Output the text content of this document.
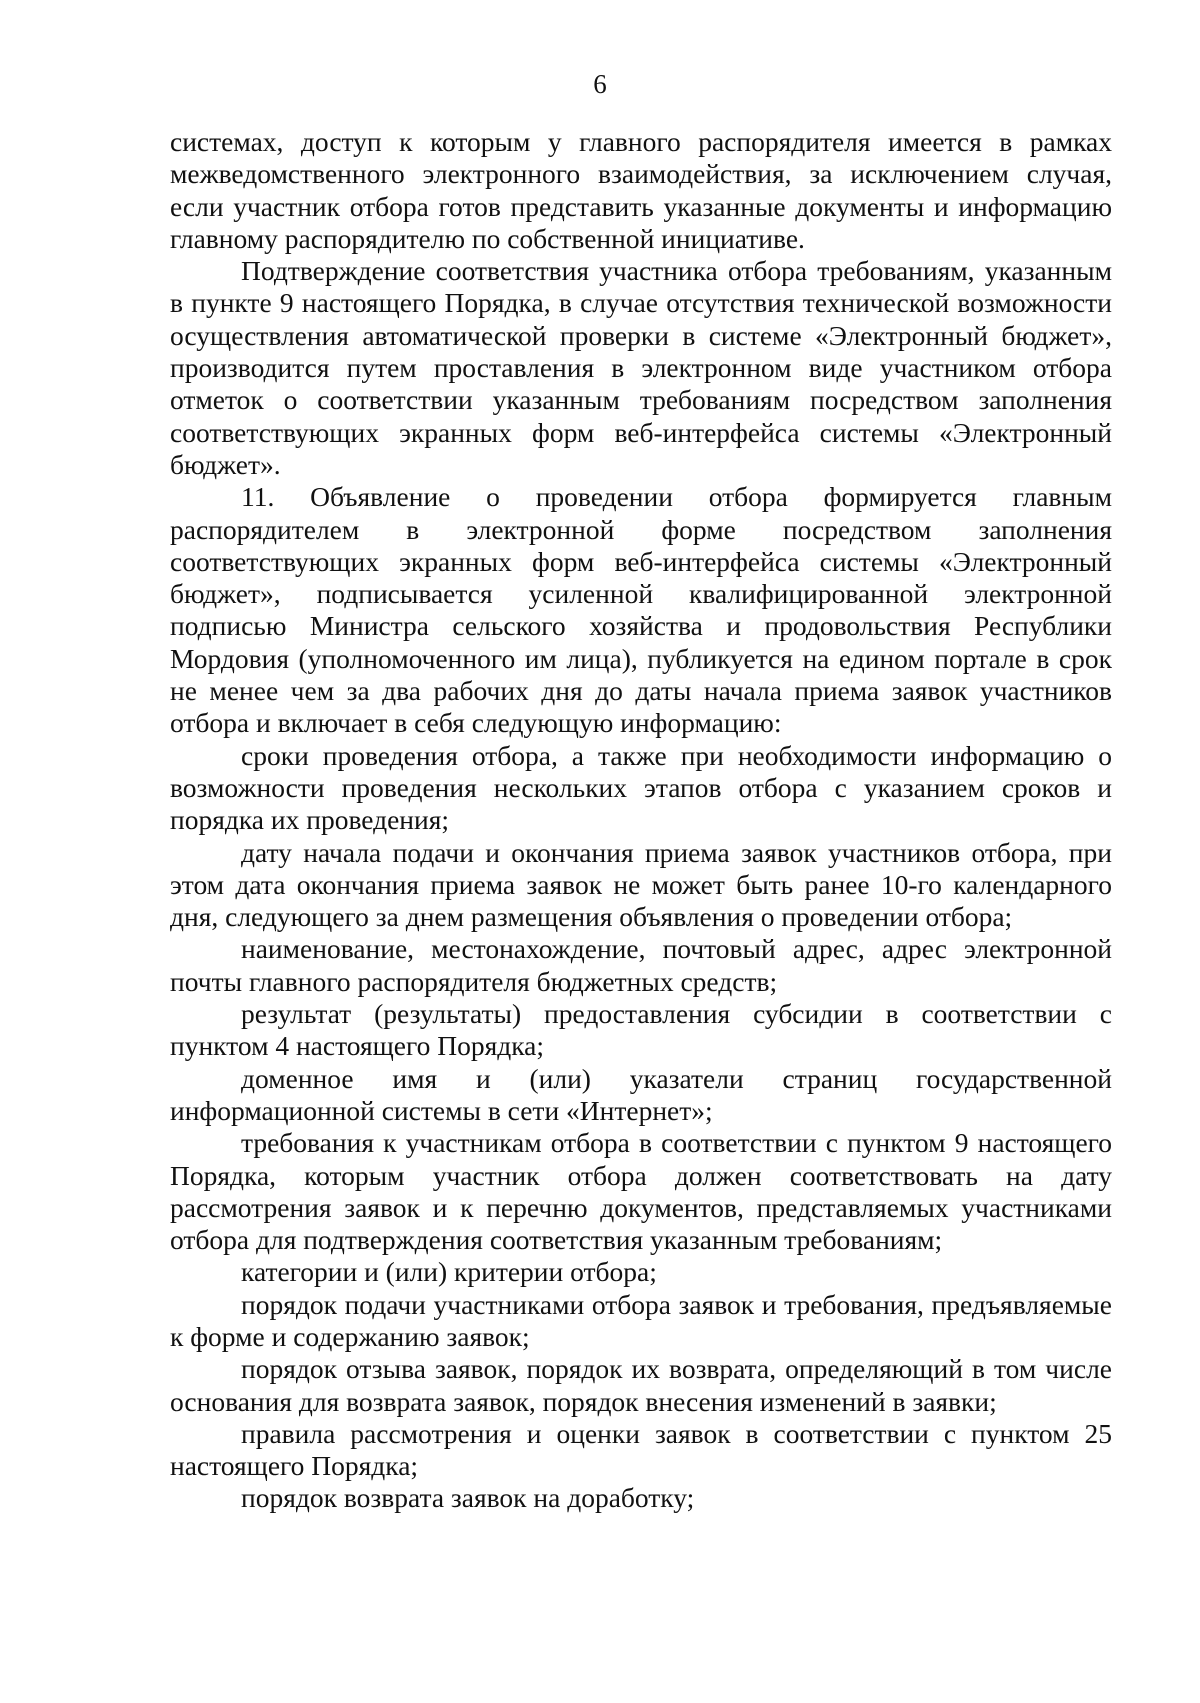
6

системах, доступ к которым у главного распорядителя имеется в рамках межведомственного электронного взаимодействия, за исключением случая, если участник отбора готов представить указанные документы и информацию главному распорядителю по собственной инициативе.

Подтверждение соответствия участника отбора требованиям, указанным в пункте 9 настоящего Порядка, в случае отсутствия технической возможности осуществления автоматической проверки в системе «Электронный бюджет», производится путем проставления в электронном виде участником отбора отметок о соответствии указанным требованиям посредством заполнения соответствующих экранных форм веб-интерфейса системы «Электронный бюджет».

11. Объявление о проведении отбора формируется главным распорядителем в электронной форме посредством заполнения соответствующих экранных форм веб-интерфейса системы «Электронный бюджет», подписывается усиленной квалифицированной электронной подписью Министра сельского хозяйства и продовольствия Республики Мордовия (уполномоченного им лица), публикуется на едином портале в срок не менее чем за два рабочих дня до даты начала приема заявок участников отбора и включает в себя следующую информацию:

сроки проведения отбора, а также при необходимости информацию о возможности проведения нескольких этапов отбора с указанием сроков и порядка их проведения;

дату начала подачи и окончания приема заявок участников отбора, при этом дата окончания приема заявок не может быть ранее 10-го календарного дня, следующего за днем размещения объявления о проведении отбора;

наименование, местонахождение, почтовый адрес, адрес электронной почты главного распорядителя бюджетных средств;

результат (результаты) предоставления субсидии в соответствии с пунктом 4 настоящего Порядка;

доменное имя и (или) указатели страниц государственной информационной системы в сети «Интернет»;

требования к участникам отбора в соответствии с пунктом 9 настоящего Порядка, которым участник отбора должен соответствовать на дату рассмотрения заявок и к перечню документов, представляемых участниками отбора для подтверждения соответствия указанным требованиям;

категории и (или) критерии отбора;

порядок подачи участниками отбора заявок и требования, предъявляемые к форме и содержанию заявок;

порядок отзыва заявок, порядок их возврата, определяющий в том числе основания для возврата заявок, порядок внесения изменений в заявки;

правила рассмотрения и оценки заявок в соответствии с пунктом 25 настоящего Порядка;

порядок возврата заявок на доработку;
